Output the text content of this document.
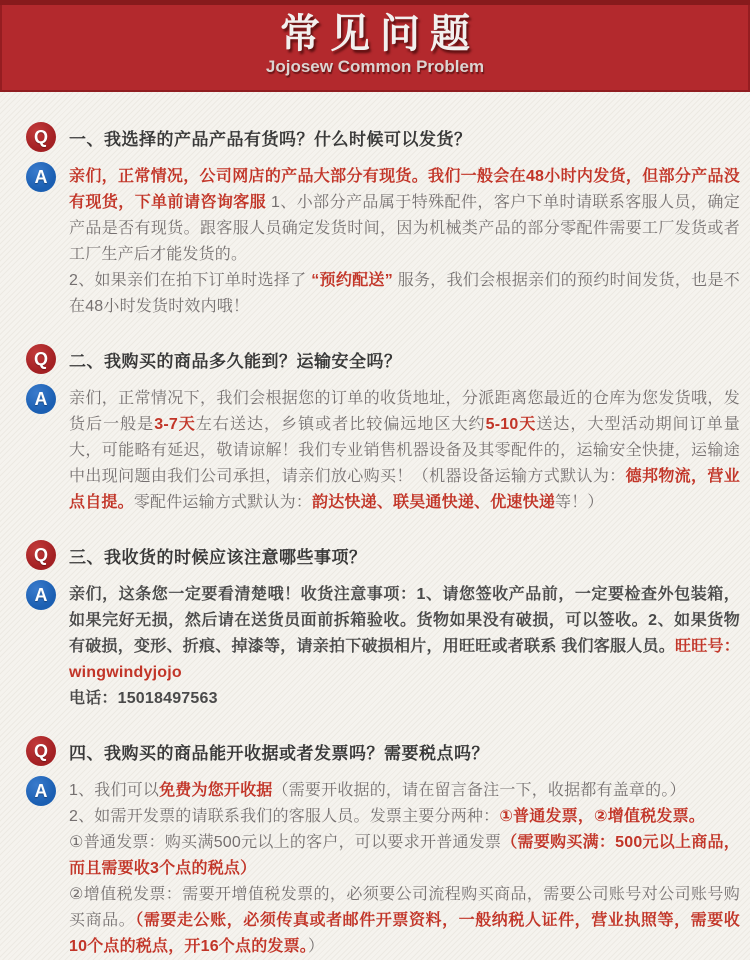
常见问题
Jojosew Common Problem
Q	一、我选择的产品产品有货吗？什么时候可以发货？
A	亲们，正常情况，公司网店的产品大部分有现货。我们一般会在48小时内发货，但部分产品没有现货，下单前请咨询客服 1、小部分产品属于特殊配件，客户下单时请联系客服人员，确定产品是否有现货。跟客服人员确定发货时间，因为机械类产品的部分零配件需要工厂发货或者工厂生产后才能发货的。

2、如果亲们在拍下订单时选择了 “预约配送” 服务，我们会根据亲们的预约时间发货，也是不在48小时发货时效内哦！

Q	二、我购买的商品多久能到？运输安全吗？
A	亲们，正常情况下，我们会根据您的订单的收货地址，分派距离您最近的仓库为您发货哦，发货后一般是3-7天左右送达，乡镇或者比较偏远地区大约5-10天送达，大型活动期间订单量大，可能略有延迟，敬请谅解！我们专业销售机器设备及其零配件的，运输安全快捷，运输途中出现问题由我们公司承担，请亲们放心购买！（机器设备运输方式默认为：德邦物流，营业点自提。零配件运输方式默认为：韵达快递、联昊通快递、优速快递等！）

Q	三、我收货的时候应该注意哪些事项？
A	亲们，这条您一定要看清楚哦！收货注意事项：1、请您签收产品前，一定要检查外包装箱，如果完好无损，然后请在送货员面前拆箱验收。货物如果没有破损，可以签收。2、如果货物有破损，变形、折痕、掉漆等，请亲拍下破损相片，用旺旺或者联系 我们客服人员。旺旺号：wingwindyjojo

电话：15018497563

Q	四、我购买的商品能开收据或者发票吗？需要税点吗？
A	1、我们可以免费为您开收据（需要开收据的，请在留言备注一下，收据都有盖章的。）

2、如需开发票的请联系我们的客服人员。发票主要分两种：①普通发票，②增值税发票。

①普通发票：购买满500元以上的客户，可以要求开普通发票（需要购买满：500元以上商品，而且需要收3个点的税点）

②增值税发票：需要开增值税发票的，必须要公司流程购买商品，需要公司账号对公司账号购买商品。（需要走公账，必须传真或者邮件开票资料，一般纳税人证件，营业执照等，需要收10个点的税点，开16个点的发票。）
